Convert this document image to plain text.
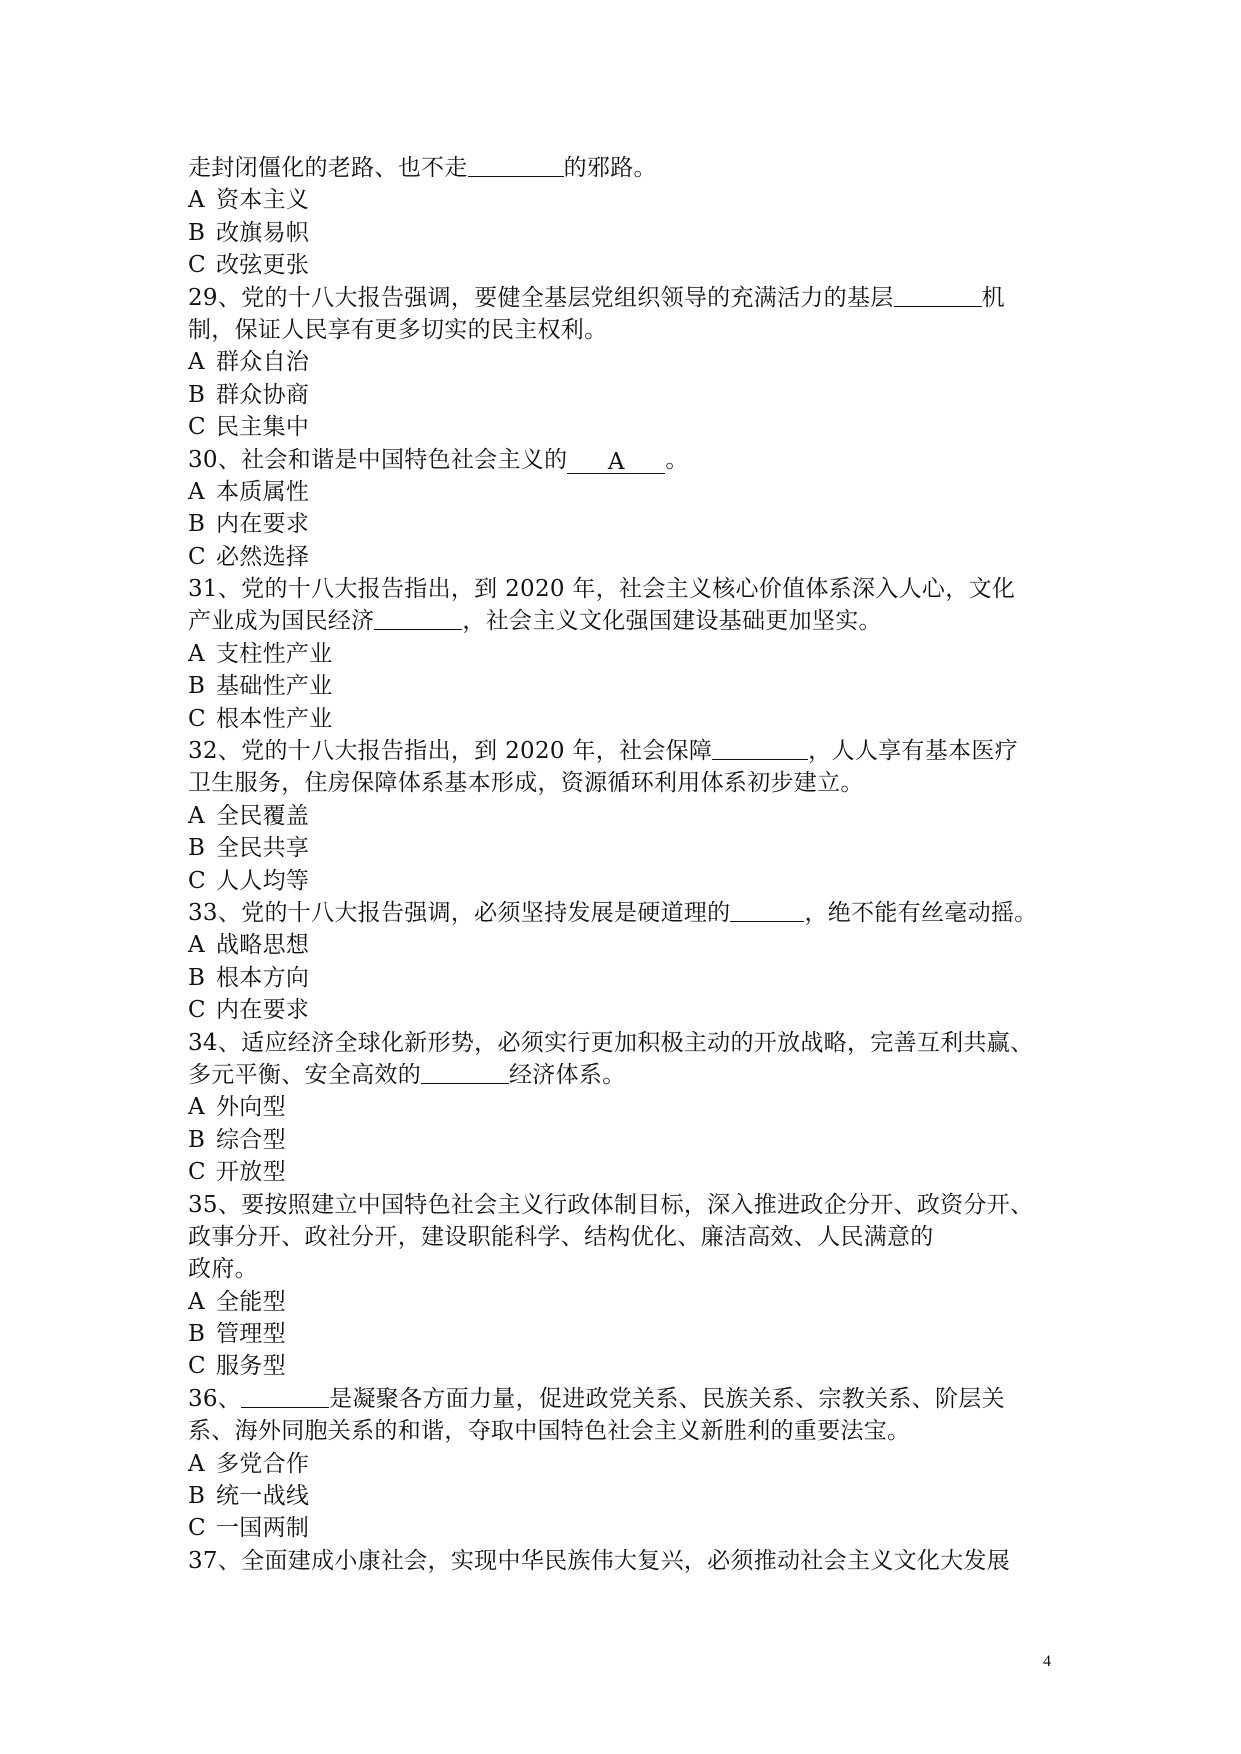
走封闭僵化的老路、也不走	的邪路。
A 资本主义
B 改旗易帜
C 改弦更张
29、党的十八大报告强调，要健全基层党组织领导的充满活力的基层	机
制，保证人民享有更多切实的民主权利。
A 群众自治
B 群众协商
C 民主集中
30、社会和谐是中国特色社会主义的 A 。
A 本质属性
B 内在要求
C 必然选择
31、党的十八大报告指出，到 2020 年，社会主义核心价值体系深入人心，文化
产业成为国民经济	，社会主义文化强国建设基础更加坚实。
A 支柱性产业
B 基础性产业
C 根本性产业
32、党的十八大报告指出，到 2020 年，社会保障	，人人享有基本医疗
卫生服务，住房保障体系基本形成，资源循环利用体系初步建立。
A 全民覆盖
B 全民共享
C 人人均等
33、党的十八大报告强调，必须坚持发展是硬道理的	，绝不能有丝毫动摇。
A 战略思想
B 根本方向
C 内在要求
34、适应经济全球化新形势，必须实行更加积极主动的开放战略，完善互利共赢、
多元平衡、安全高效的	经济体系。
A 外向型
B 综合型
C 开放型
35、要按照建立中国特色社会主义行政体制目标，深入推进政企分开、政资分开、
政事分开、政社分开，建设职能科学、结构优化、廉洁高效、人民满意的
政府。
A 全能型
B 管理型
C 服务型
36、	是凝聚各方面力量，促进政党关系、民族关系、宗教关系、阶层关
系、海外同胞关系的和谐，夺取中国特色社会主义新胜利的重要法宝。
A 多党合作
B 统一战线
C 一国两制
37、全面建成小康社会，实现中华民族伟大复兴，必须推动社会主义文化大发展
4
